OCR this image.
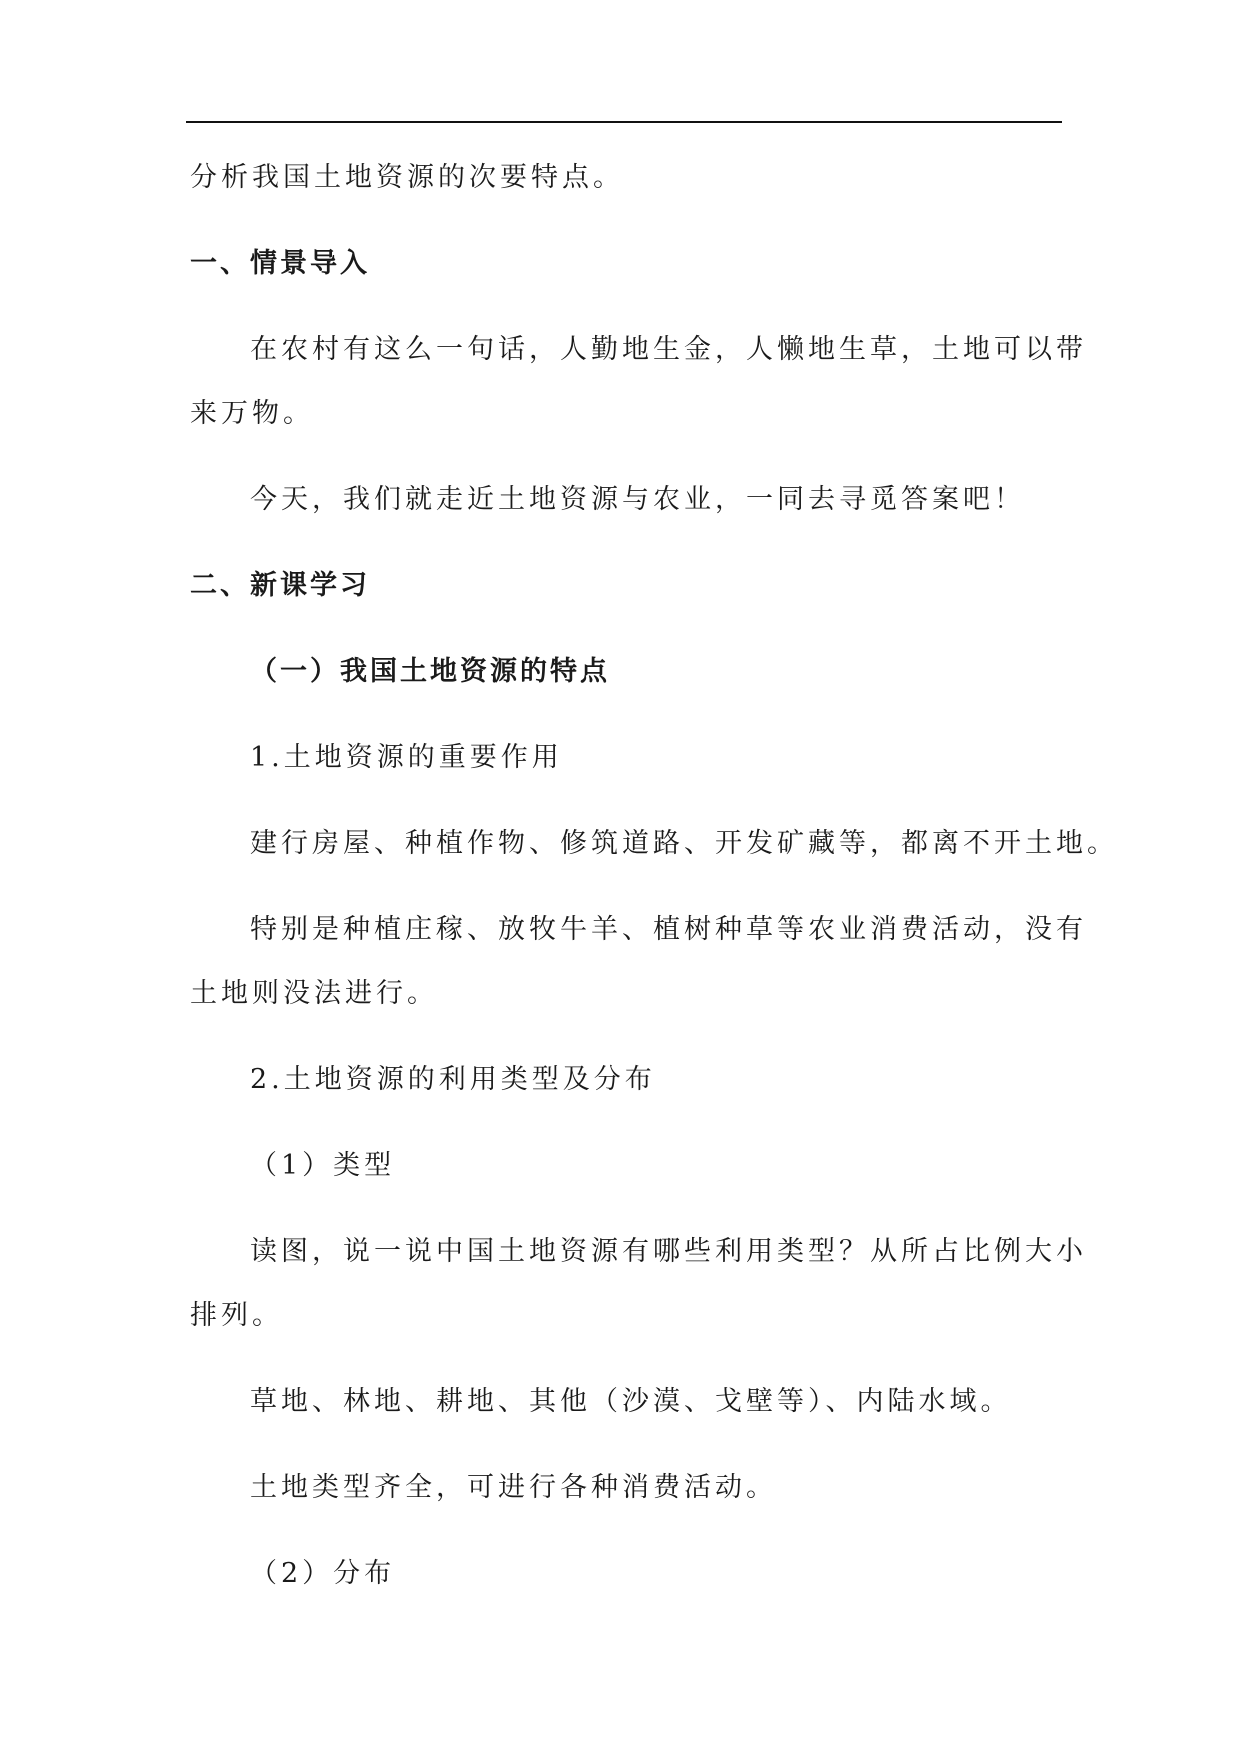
分析我国土地资源的次要特点。

一、情景导入

在农村有这么一句话，人勤地生金，人懒地生草，土地可以带

来万物。

今天，我们就走近土地资源与农业，一同去寻觅答案吧！

二、新课学习

（一）我国土地资源的特点

1.土地资源的重要作用

建行房屋、种植作物、修筑道路、开发矿藏等，都离不开土地。

特别是种植庄稼、放牧牛羊、植树种草等农业消费活动，没有

土地则没法进行。

2.土地资源的利用类型及分布

（1）类型

读图，说一说中国土地资源有哪些利用类型？从所占比例大小

排列。

草地、林地、耕地、其他（沙漠、戈壁等）、内陆水域。

土地类型齐全，可进行各种消费活动。

（2）分布
